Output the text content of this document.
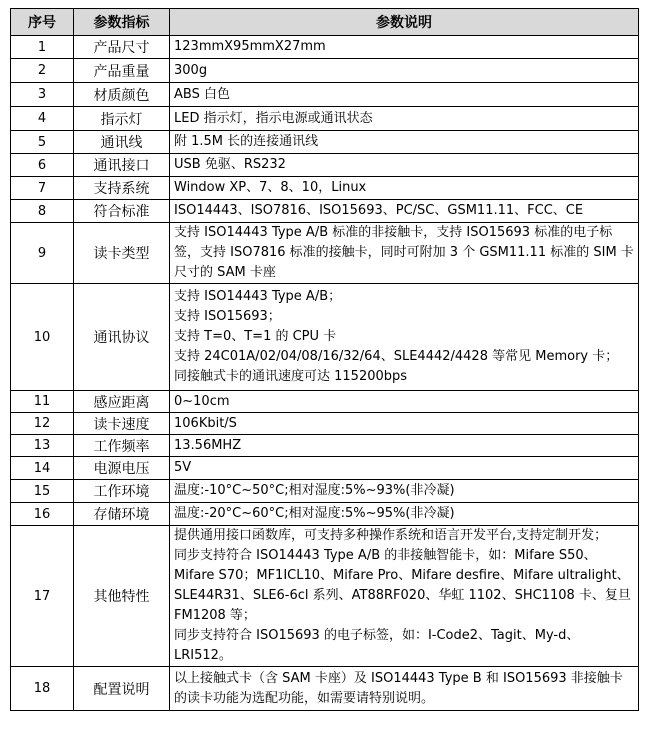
序号	参数指标	参数说明
1	产品尺寸	123mmX95mmX27mm
2	产品重量	300g
3	材质颜色	ABS 白色
4	指示灯	LED 指示灯，指示电源或通讯状态
5	通讯线	附 1.5M 长的连接通讯线
6	通讯接口	USB 免驱、RS232
7	支持系统	Window XP、7、8、10，Linux
8	符合标准	ISO14443、ISO7816、ISO15693、PC/SC、GSM11.11、FCC、CE
9	读卡类型	支持 ISO14443 Type A/B 标准的非接触卡，支持 ISO15693 标准的电子标签，支持 ISO7816 标准的接触卡，同时可附加 3 个 GSM11.11 标准的 SIM 卡尺寸的 SAM 卡座
10	通讯协议	支持 ISO14443 Type A/B；
支持 ISO15693；
支持 T=0、T=1 的 CPU 卡
支持 24C01A/02/04/08/16/32/64、SLE4442/4428 等常见 Memory 卡；
同接触式卡的通讯速度可达 115200bps
11	感应距离	0~10cm
12	读卡速度	106Kbit/S
13	工作频率	13.56MHZ
14	电源电压	5V
15	工作环境	温度:-10°C~50°C;相对湿度:5%~93%(非冷凝)
16	存储环境	温度:-20°C~60°C;相对湿度:5%~95%(非冷凝)
17	其他特性	提供通用接口函数库，可支持多种操作系统和语言开发平台,支持定制开发；
同步支持符合 ISO14443 Type A/B 的非接触智能卡，如：Mifare S50、Mifare S70；MF1ICL10、Mifare Pro、Mifare desfire、Mifare ultralight、SLE44R31、SLE6-6cl 系列、AT88RF020、华虹 1102、SHC1108 卡、复旦 FM1208 等；
同步支持符合 ISO15693 的电子标签，如：I-Code2、Tagit、My-d、LRI512。
18	配置说明	以上接触式卡（含 SAM 卡座）及 ISO14443 Type B 和 ISO15693 非接触卡的读卡功能为选配功能，如需要请特别说明。
